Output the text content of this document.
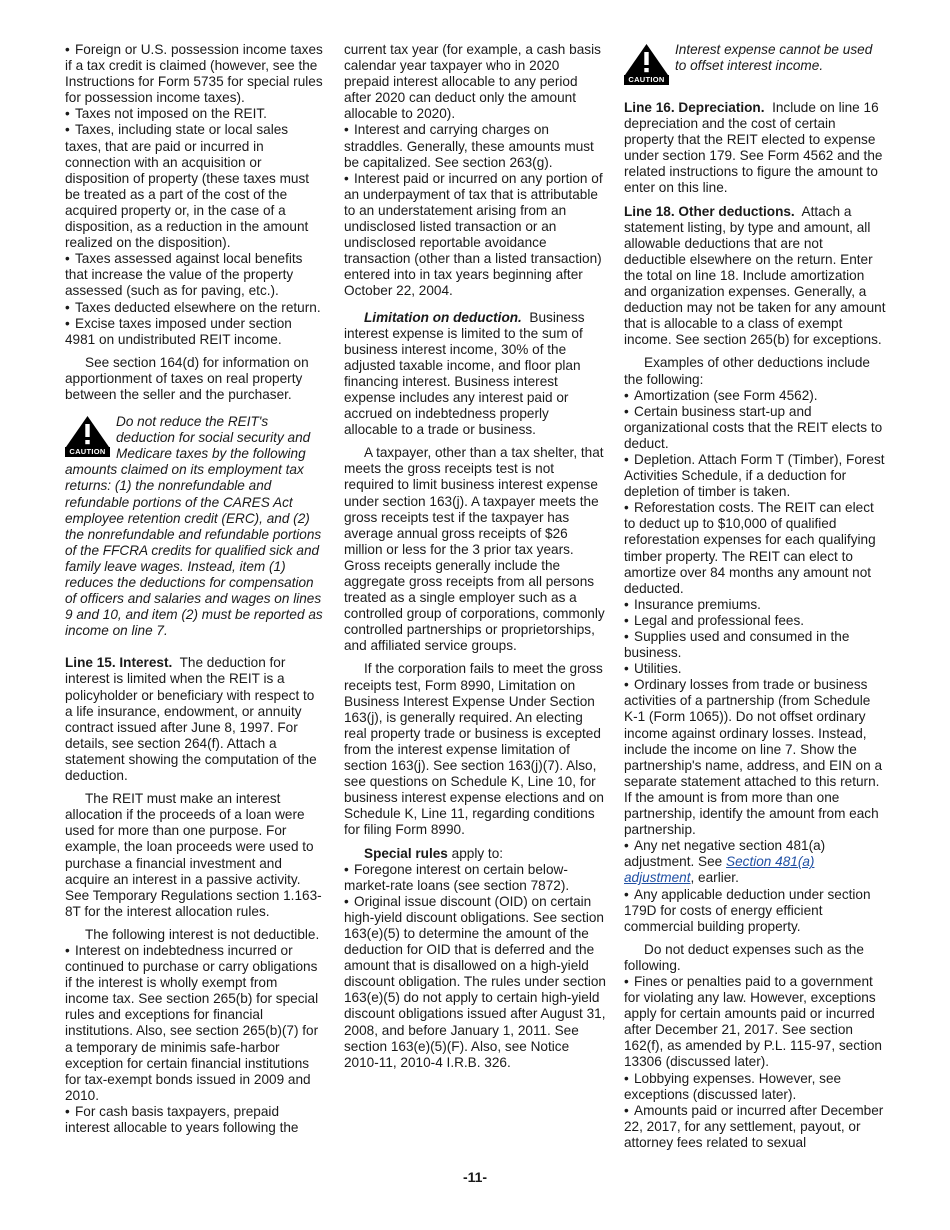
• Foreign or U.S. possession income taxes if a tax credit is claimed (however, see the Instructions for Form 5735 for special rules for possession income taxes).

• Taxes not imposed on the REIT.

• Taxes, including state or local sales taxes, that are paid or incurred in connection with an acquisition or disposition of property (these taxes must be treated as a part of the cost of the acquired property or, in the case of a disposition, as a reduction in the amount realized on the disposition).

• Taxes assessed against local benefits that increase the value of the property assessed (such as for paving, etc.).

• Taxes deducted elsewhere on the return.

• Excise taxes imposed under section 4981 on undistributed REIT income.

See section 164(d) for information on apportionment of taxes on real property between the seller and the purchaser.

CAUTION
Do not reduce the REIT's deduction for social security and Medicare taxes by the following amounts claimed on its employment tax returns: (1) the nonrefundable and refundable portions of the CARES Act employee retention credit (ERC), and (2) the nonrefundable and refundable portions of the FFCRA credits for qualified sick and family leave wages. Instead, item (1) reduces the deductions for compensation of officers and salaries and wages on lines 9 and 10, and item (2) must be reported as income on line 7.

Line 15. Interest. The deduction for interest is limited when the REIT is a policyholder or beneficiary with respect to a life insurance, endowment, or annuity contract issued after June 8, 1997. For details, see section 264(f). Attach a statement showing the computation of the deduction.

The REIT must make an interest allocation if the proceeds of a loan were used for more than one purpose. For example, the loan proceeds were used to purchase a financial investment and acquire an interest in a passive activity. See Temporary Regulations section 1.163-8T for the interest allocation rules.

The following interest is not deductible.

• Interest on indebtedness incurred or continued to purchase or carry obligations if the interest is wholly exempt from income tax. See section 265(b) for special rules and exceptions for financial institutions. Also, see section 265(b)(7) for a temporary de minimis safe-harbor exception for certain financial institutions for tax-exempt bonds issued in 2009 and 2010.

• For cash basis taxpayers, prepaid interest allocable to years following the

current tax year (for example, a cash basis calendar year taxpayer who in 2020 prepaid interest allocable to any period after 2020 can deduct only the amount allocable to 2020).

• Interest and carrying charges on straddles. Generally, these amounts must be capitalized. See section 263(g).

• Interest paid or incurred on any portion of an underpayment of tax that is attributable to an understatement arising from an undisclosed listed transaction or an undisclosed reportable avoidance transaction (other than a listed transaction) entered into in tax years beginning after October 22, 2004.

Limitation on deduction. Business interest expense is limited to the sum of business interest income, 30% of the adjusted taxable income, and floor plan financing interest. Business interest expense includes any interest paid or accrued on indebtedness properly allocable to a trade or business.

A taxpayer, other than a tax shelter, that meets the gross receipts test is not required to limit business interest expense under section 163(j). A taxpayer meets the gross receipts test if the taxpayer has average annual gross receipts of $26 million or less for the 3 prior tax years. Gross receipts generally include the aggregate gross receipts from all persons treated as a single employer such as a controlled group of corporations, commonly controlled partnerships or proprietorships, and affiliated service groups.

If the corporation fails to meet the gross receipts test, Form 8990, Limitation on Business Interest Expense Under Section 163(j), is generally required. An electing real property trade or business is excepted from the interest expense limitation of section 163(j). See section 163(j)(7). Also, see questions on Schedule K, Line 10, for business interest expense elections and on Schedule K, Line 11, regarding conditions for filing Form 8990.

Special rules apply to:

• Foregone interest on certain below-market-rate loans (see section 7872).

• Original issue discount (OID) on certain high-yield discount obligations. See section 163(e)(5) to determine the amount of the deduction for OID that is deferred and the amount that is disallowed on a high-yield discount obligation. The rules under section 163(e)(5) do not apply to certain high-yield discount obligations issued after August 31, 2008, and before January 1, 2011. See section 163(e)(5)(F). Also, see Notice 2010-11, 2010-4 I.R.B. 326.

CAUTION
Interest expense cannot be used to offset interest income.

Line 16. Depreciation. Include on line 16 depreciation and the cost of certain property that the REIT elected to expense under section 179. See Form 4562 and the related instructions to figure the amount to enter on this line.

Line 18. Other deductions. Attach a statement listing, by type and amount, all allowable deductions that are not deductible elsewhere on the return. Enter the total on line 18. Include amortization and organization expenses. Generally, a deduction may not be taken for any amount that is allocable to a class of exempt income. See section 265(b) for exceptions.

Examples of other deductions include the following:

• Amortization (see Form 4562).

• Certain business start-up and organizational costs that the REIT elects to deduct.

• Depletion. Attach Form T (Timber), Forest Activities Schedule, if a deduction for depletion of timber is taken.

• Reforestation costs. The REIT can elect to deduct up to $10,000 of qualified reforestation expenses for each qualifying timber property. The REIT can elect to amortize over 84 months any amount not deducted.

• Insurance premiums.

• Legal and professional fees.

• Supplies used and consumed in the business.

• Utilities.

• Ordinary losses from trade or business activities of a partnership (from Schedule K-1 (Form 1065)). Do not offset ordinary income against ordinary losses. Instead, include the income on line 7. Show the partnership's name, address, and EIN on a separate statement attached to this return. If the amount is from more than one partnership, identify the amount from each partnership.

• Any net negative section 481(a) adjustment. See Section 481(a) adjustment, earlier.

• Any applicable deduction under section 179D for costs of energy efficient commercial building property.

Do not deduct expenses such as the following.

• Fines or penalties paid to a government for violating any law. However, exceptions apply for certain amounts paid or incurred after December 21, 2017. See section 162(f), as amended by P.L. 115-97, section 13306 (discussed later).

• Lobbying expenses. However, see exceptions (discussed later).

• Amounts paid or incurred after December 22, 2017, for any settlement, payout, or attorney fees related to sexual

-11-
